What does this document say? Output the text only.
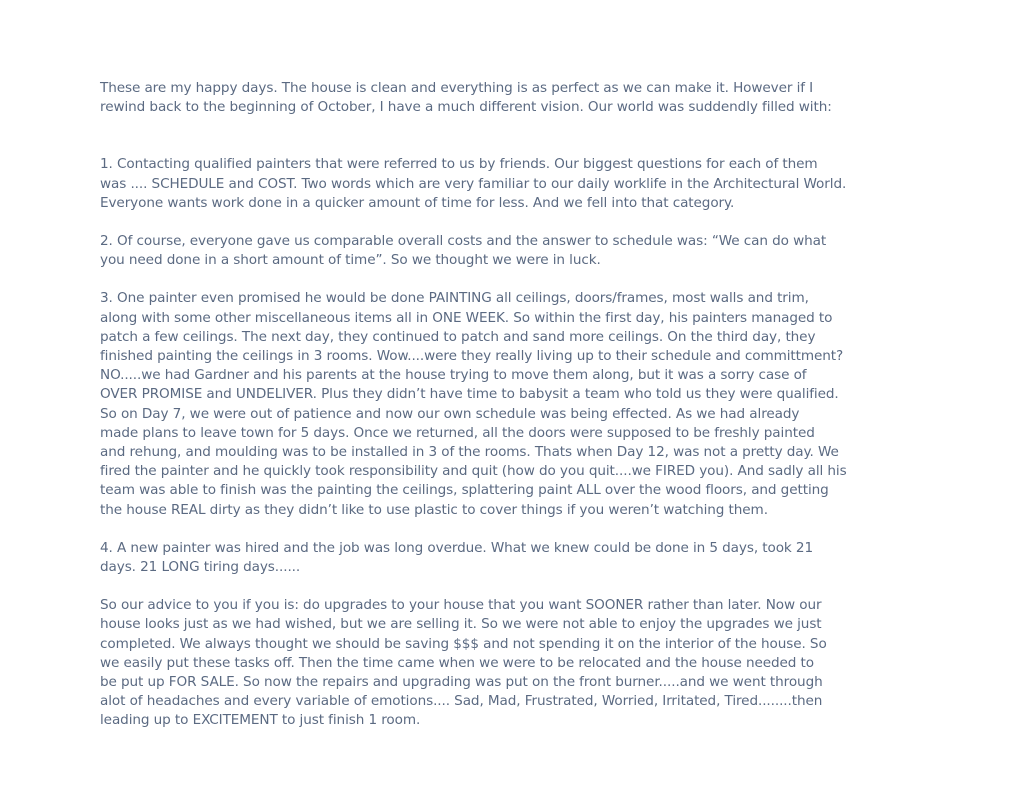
These are my happy days. The house is clean and everything is as perfect as we can make it. However if I
rewind back to the beginning of October, I have a much different vision. Our world was suddendly filled with:

1. Contacting qualified painters that were referred to us by friends. Our biggest questions for each of them
was .... SCHEDULE and COST. Two words which are very familiar to our daily worklife in the Architectural World.
Everyone wants work done in a quicker amount of time for less. And we fell into that category.

2. Of course, everyone gave us comparable overall costs and the answer to schedule was: “We can do what
you need done in a short amount of time”. So we thought we were in luck.

3. One painter even promised he would be done PAINTING all ceilings, doors/frames, most walls and trim,
along with some other miscellaneous items all in ONE WEEK. So within the first day, his painters managed to
patch a few ceilings. The next day, they continued to patch and sand more ceilings. On the third day, they
finished painting the ceilings in 3 rooms. Wow....were they really living up to their schedule and committment?
NO.....we had Gardner and his parents at the house trying to move them along, but it was a sorry case of
OVER PROMISE and UNDELIVER. Plus they didn’t have time to babysit a team who told us they were qualified.
So on Day 7, we were out of patience and now our own schedule was being effected. As we had already
made plans to leave town for 5 days. Once we returned, all the doors were supposed to be freshly painted
and rehung, and moulding was to be installed in 3 of the rooms. Thats when Day 12, was not a pretty day. We
fired the painter and he quickly took responsibility and quit (how do you quit....we FIRED you). And sadly all his
team was able to finish was the painting the ceilings, splattering paint ALL over the wood floors, and getting
the house REAL dirty as they didn’t like to use plastic to cover things if you weren’t watching them.

4. A new painter was hired and the job was long overdue. What we knew could be done in 5 days, took 21
days. 21 LONG tiring days......

So our advice to you if you is: do upgrades to your house that you want SOONER rather than later. Now our
house looks just as we had wished, but we are selling it. So we were not able to enjoy the upgrades we just
completed. We always thought we should be saving $$$ and not spending it on the interior of the house. So
we easily put these tasks off. Then the time came when we were to be relocated and the house needed to
be put up FOR SALE. So now the repairs and upgrading was put on the front burner.....and we went through
alot of headaches and every variable of emotions.... Sad, Mad, Frustrated, Worried, Irritated, Tired........then
leading up to EXCITEMENT to just finish 1 room.
